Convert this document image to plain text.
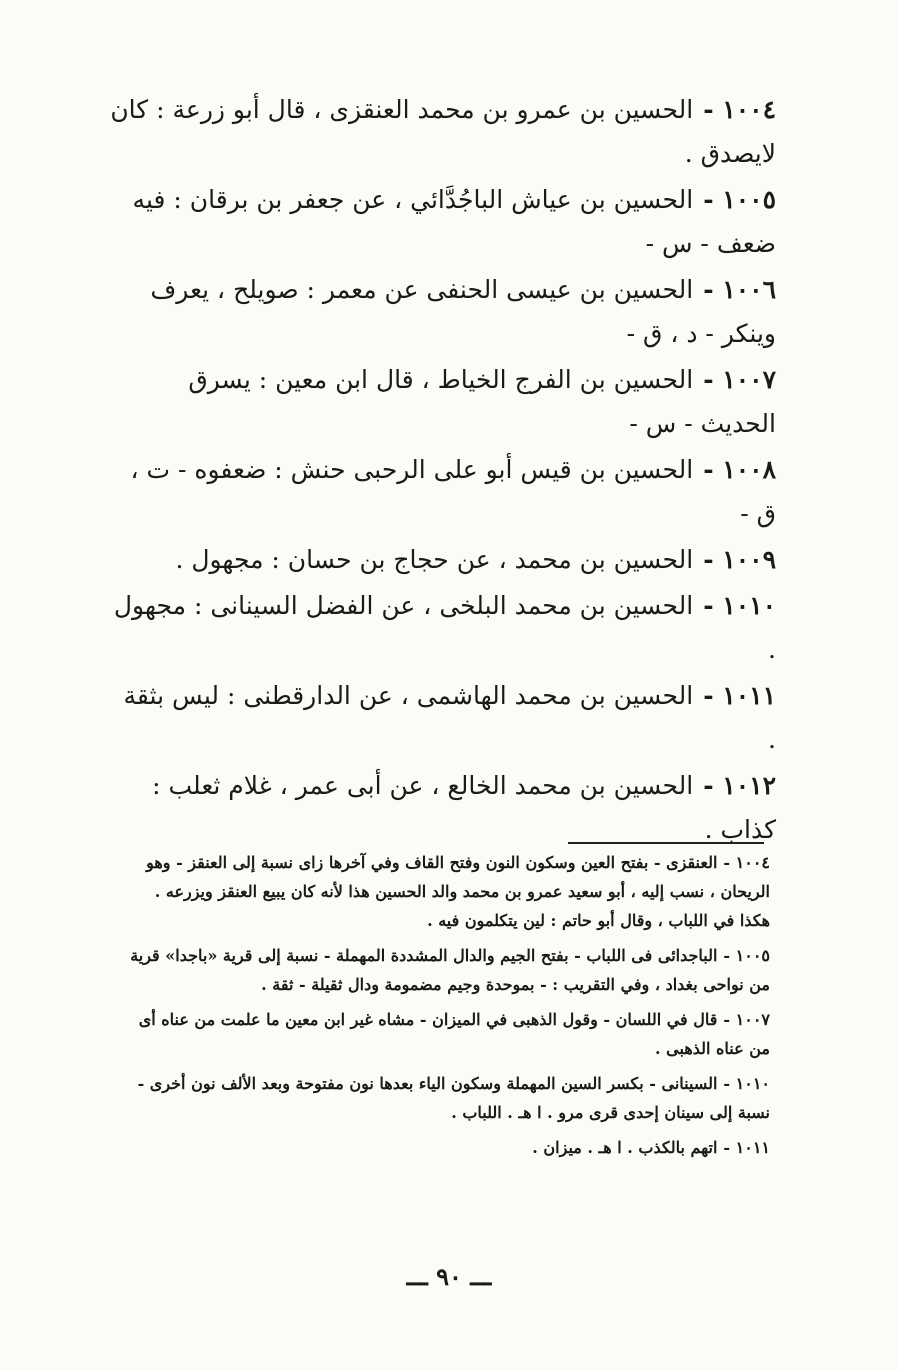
١٠٠٤ -الحسين بن عمرو بن محمد العنقزى ، قال أبو زرعة : كان لايصدق .
١٠٠٥ -الحسين بن عياش الباجُدَّائي ، عن جعفر بن برقان : فيه ضعف - س -
١٠٠٦ -الحسين بن عيسى الحنفى عن معمر : صويلح ، يعرف وينكر - د ، ق -
١٠٠٧ -الحسين بن الفرج الخياط ، قال ابن معين : يسرق الحديث - س -
١٠٠٨ -الحسين بن قيس أبو على الرحبى حنش : ضعفوه - ت ، ق -
١٠٠٩ -الحسين بن محمد ، عن حجاج بن حسان : مجهول .
١٠١٠ -الحسين بن محمد البلخى ، عن الفضل السينانى : مجهول .
١٠١١ -الحسين بن محمد الهاشمى ، عن الدارقطنى : ليس بثقة .
١٠١٢ -الحسين بن محمد الخالع ، عن أبى عمر ، غلام ثعلب : كذاب .
١٠٠٤ -العنقزى - بفتح العين وسكون النون وفتح القاف وفي آخرها زاى نسبة إلى العنقز - وهو الريحان ، نسب إليه ، أبو سعيد عمرو بن محمد والد الحسين هذا لأنه كان يبيع العنقز ويزرعه . هكذا في اللباب ، وقال أبو حاتم : لين يتكلمون فيه .
١٠٠٥ -الباجدائى فى اللباب - بفتح الجيم والدال المشددة المهملة - نسبة إلى قرية «باجدا» قرية من نواحى بغداد ، وفي التقريب : - بموحدة وجيم مضمومة ودال ثقيلة - ثقة .
١٠٠٧ -قال في اللسان - وقول الذهبى في الميزان - مشاه غير ابن معين ما علمت من عناه أى من عناه الذهبى .
١٠١٠ -السينانى - بكسر السين المهملة وسكون الياء بعدها نون مفتوحة وبعد الألف نون أخرى - نسبة إلى سينان إحدى قرى مرو . ا هـ . اللباب .
١٠١١ -اتهم بالكذب . ا هـ . ميزان .
ـــ ٩٠ ـــ
